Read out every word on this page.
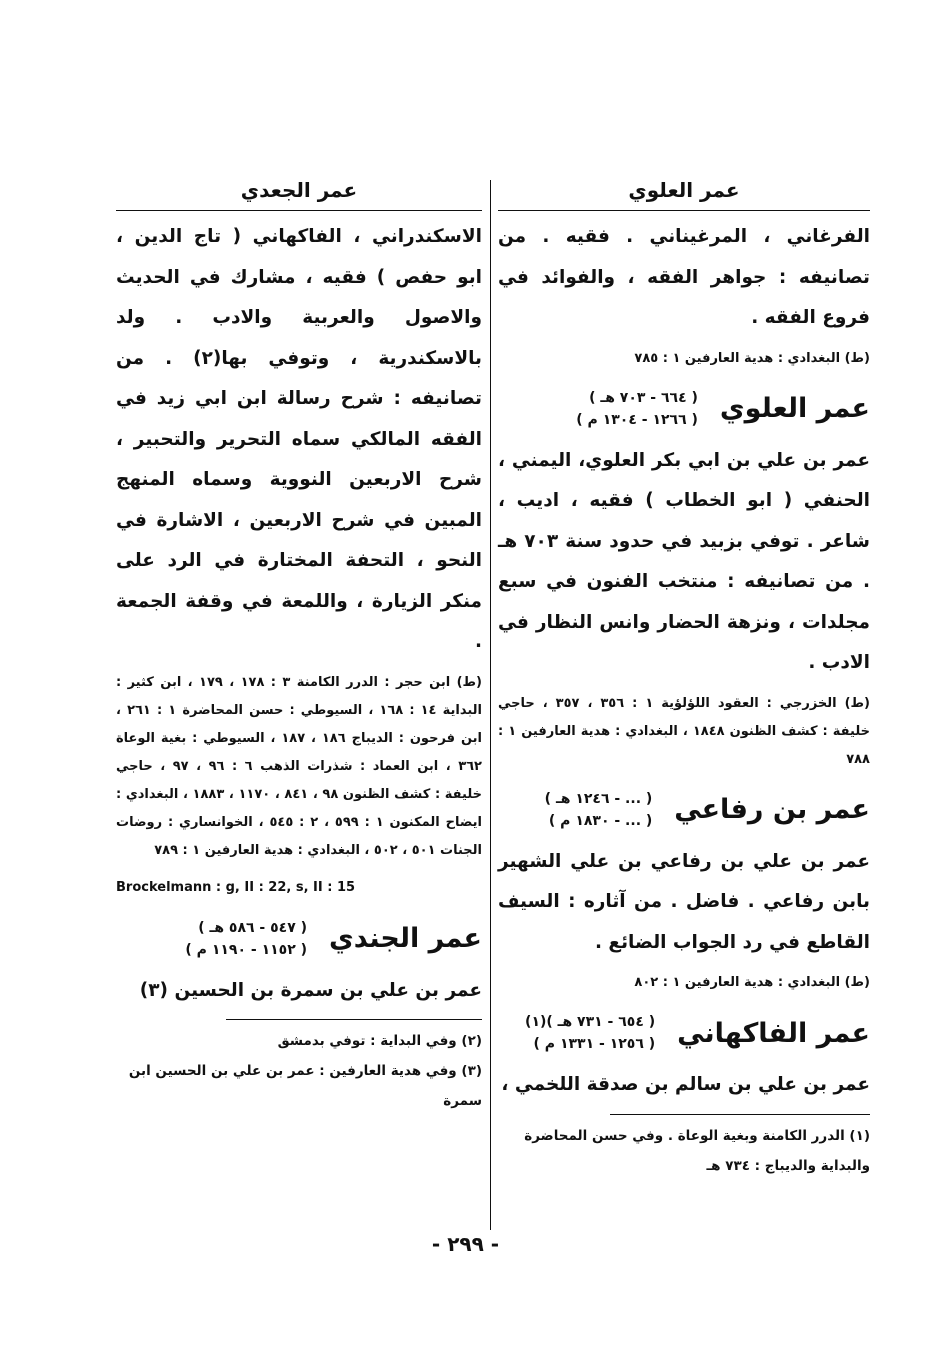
عمر العلوي
الفرغاني ، المرغيناني . فقيه . من تصانيفه : جواهر الفقه ، والفوائد في فروع الفقه .
(ط) البغدادي : هدية العارفين ١ : ٧٨٥
عمر العلوي
( ٦٦٤ - ٧٠٣ هـ )
( ١٢٦٦ - ١٣٠٤ م )
عمر بن علي بن ابي بكر العلوي، اليمني ، الحنفي ( ابو الخطاب ) فقيه ، اديب ، شاعر . توفي بزبيد في حدود سنة ٧٠٣ هـ . من تصانيفه : منتخب الفنون في سبع مجلدات ، ونزهة الحضار وانس النظار في الادب .
(ط) الخزرجي : العقود اللؤلؤية ١ : ٣٥٦ ، ٣٥٧ ، حاجي خليفة : كشف الظنون ١٨٤٨ ، البغدادي : هدية العارفين ١ : ٧٨٨
عمر بن رفاعي
( ... - ١٢٤٦ هـ )
( ... - ١٨٣٠ م )
عمر بن علي بن رفاعي بن علي الشهير بابن رفاعي . فاضل . من آثاره : السيف القاطع في رد الجواب الضائع .
(ط) البغدادي : هدية العارفين ١ : ٨٠٢
عمر الفاكهاني
( ٦٥٤ - ٧٣١ هـ )(١)
( ١٢٥٦ - ١٣٣١ م )
عمر بن علي بن سالم بن صدقة اللخمي ،
(١) الدرر الكامنة وبغية الوعاة . وفي حسن المحاضرة والبداية والديباج : ٧٣٤ هـ
عمر الجعدي
الاسكندراني ، الفاكهاني ( تاج الدين ، ابو حفص ) فقيه ، مشارك في الحديث والاصول والعربية والادب . ولد بالاسكندرية ، وتوفي بها(٢) . من تصانيفه : شرح رسالة ابن ابي زيد في الفقه المالكي سماه التحرير والتحبير ، شرح الاربعين النووية وسماه المنهج المبين في شرح الاربعين ، الاشارة في النحو ، التحفة المختارة في الرد على منكر الزيارة ، واللمعة في وقفة الجمعة .
(ط) ابن حجر : الدرر الكامنة ٣ : ١٧٨ ، ١٧٩ ، ابن كثير : البداية ١٤ : ١٦٨ ، السيوطي : حسن المحاضرة ١ : ٢٦١ ، ابن فرحون : الديباج ١٨٦ ، ١٨٧ ، السيوطي : بغية الوعاة ٣٦٢ ، ابن العماد : شذرات الذهب ٦ : ٩٦ ، ٩٧ ، حاجي خليفة : كشف الظنون ٩٨ ، ٨٤١ ، ١١٧٠ ، ١٨٨٣ ، البغدادي : ايضاح المكنون ١ : ٥٩٩ ، ٢ : ٥٤٥ ، الخوانساري : روضات الجنات ٥٠١ ، ٥٠٢ ، البغدادي : هدية العارفين ١ : ٧٨٩
Brockelmann : g, II : 22, s, II : 15
عمر الجندي
( ٥٤٧ - ٥٨٦ هـ )
( ١١٥٢ - ١١٩٠ م )
عمر بن علي بن سمرة بن الحسين (٣)
(٢) وفي البداية : توفي بدمشق
(٣) وفي هدية العارفين : عمر بن علي بن الحسين ابن سمرة
- ٢٩٩ -
